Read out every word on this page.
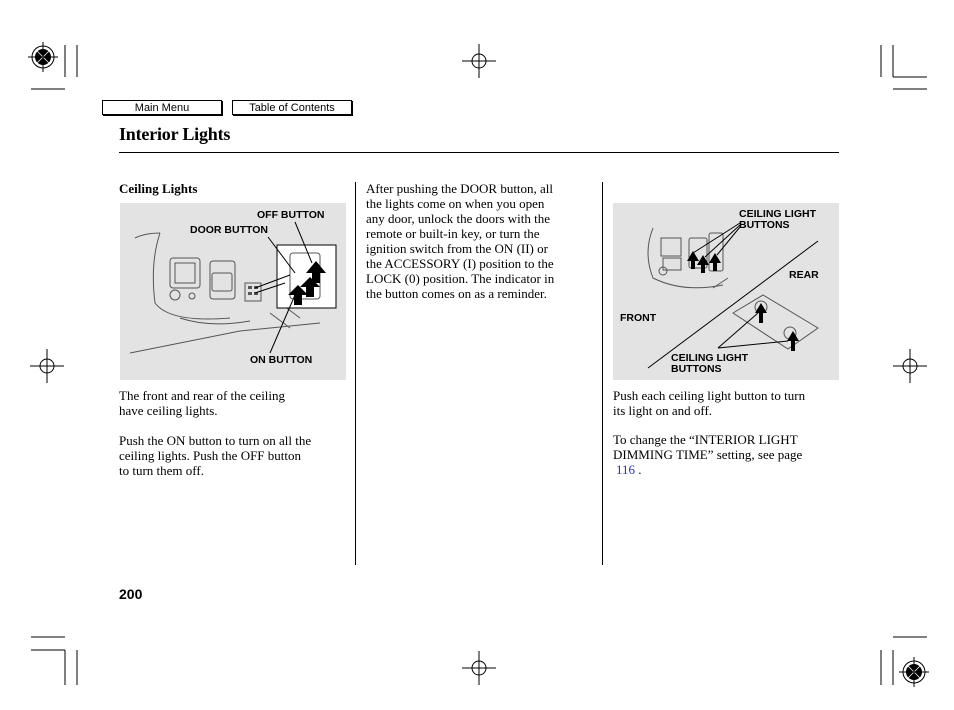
Main Menu	Table of Contents
Interior Lights
Ceiling Lights
OFF BUTTON
DOOR BUTTON
ON BUTTON
The front and rear of the ceiling
have ceiling lights.
Push the ON button to turn on all the
ceiling lights. Push the OFF button
to turn them off.
After pushing the DOOR button, all
the lights come on when you open
any door, unlock the doors with the
remote or built-in key, or turn the
ignition switch from the ON (II) or
the ACCESSORY (I) position to the
LOCK (0) position. The indicator in
the button comes on as a reminder.
CEILING LIGHT
BUTTONS
REAR
FRONT
CEILING LIGHT
BUTTONS
Push each ceiling light button to turn
its light on and off.
To change the “INTERIOR LIGHT
DIMMING TIME” setting, see page
116 .
200
